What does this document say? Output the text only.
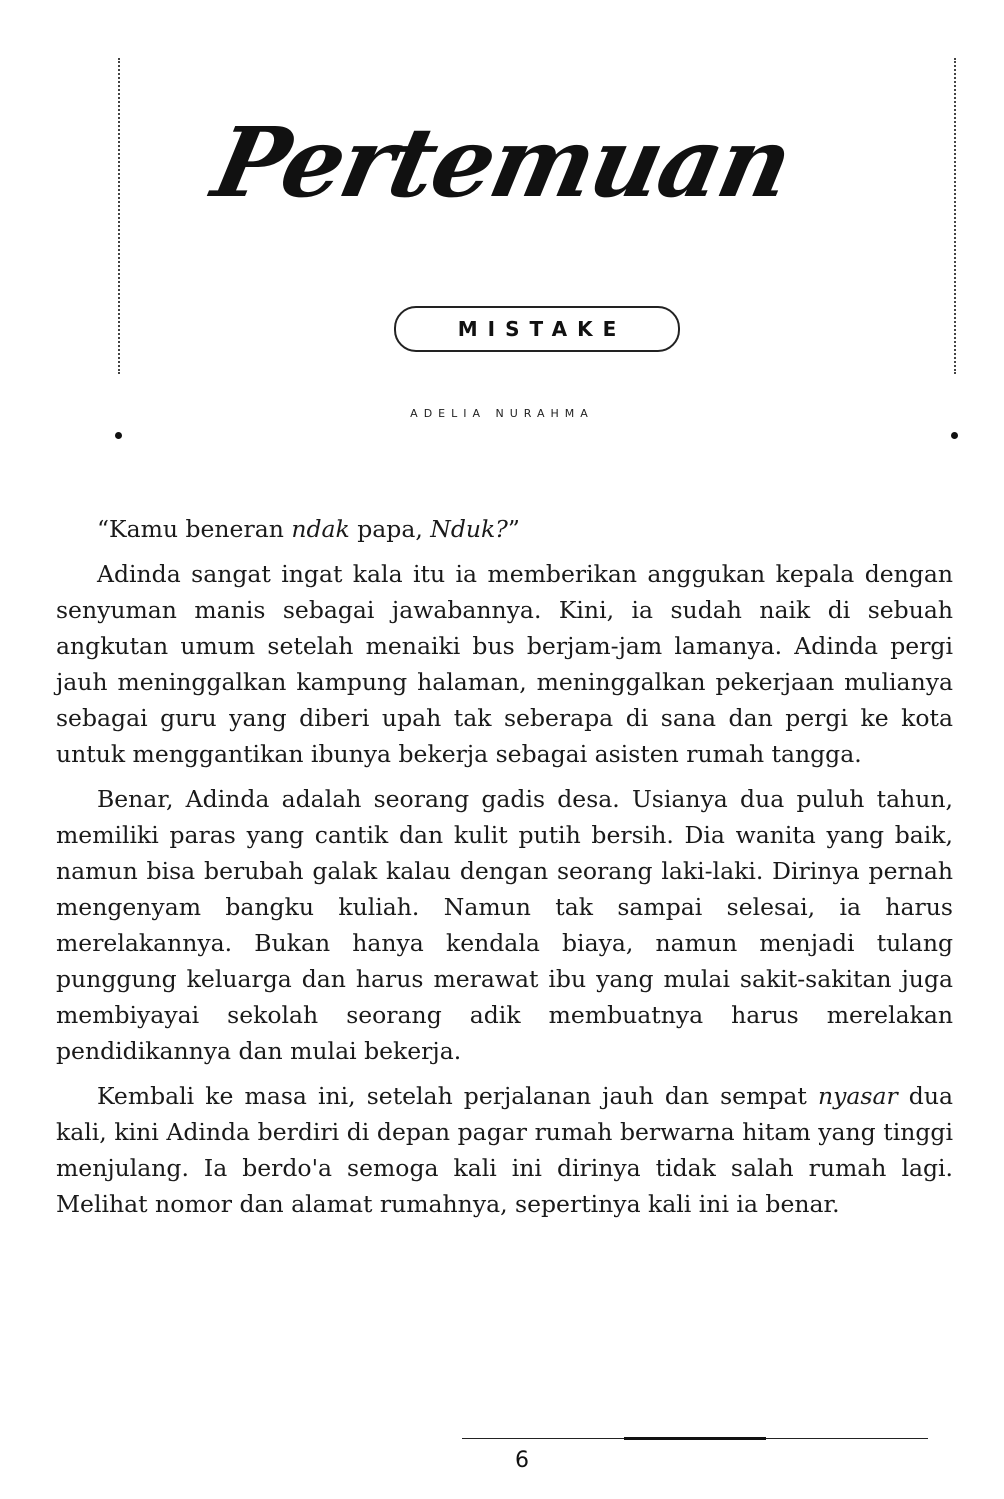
Pertemuan
MISTAKE
ADELIA NURAHMA

“Kamu beneran ndak papa, Nduk?”

Adinda sangat ingat kala itu ia memberikan anggukan kepala dengan senyuman manis sebagai jawabannya. Kini, ia sudah naik di sebuah angkutan umum setelah menaiki bus berjam-jam lamanya. Adinda pergi jauh meninggalkan kampung halaman, meninggalkan pekerjaan mulianya sebagai guru yang diberi upah tak seberapa di sana dan pergi ke kota untuk menggantikan ibunya bekerja sebagai asisten rumah tangga.

Benar, Adinda adalah seorang gadis desa. Usianya dua puluh tahun, memiliki paras yang cantik dan kulit putih bersih. Dia wanita yang baik, namun bisa berubah galak kalau dengan seorang laki-laki. Dirinya pernah mengenyam bangku kuliah. Namun tak sampai selesai, ia harus merelakannya. Bukan hanya kendala biaya, namun menjadi tulang punggung keluarga dan harus merawat ibu yang mulai sakit-sakitan juga membiyayai sekolah seorang adik membuatnya harus merelakan pendidikannya dan mulai bekerja.

Kembali ke masa ini, setelah perjalanan jauh dan sempat nyasar dua kali, kini Adinda berdiri di depan pagar rumah berwarna hitam yang tinggi menjulang. Ia berdo'a semoga kali ini dirinya tidak salah rumah lagi. Melihat nomor dan alamat rumahnya, sepertinya kali ini ia benar.

6
